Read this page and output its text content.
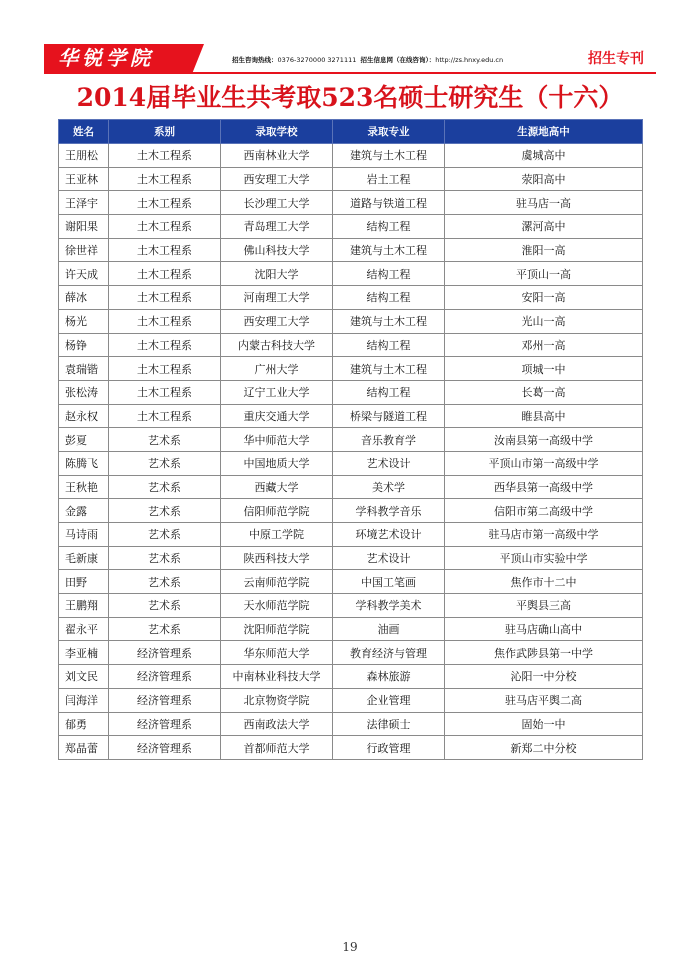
华锐学院	招生咨询热线：0376-3270000 3271111 招生信息网（在线咨询）：http://zs.hnxy.edu.cn	招生专刊
2014届毕业生共考取523名硕士研究生（十六）
姓名	系别	录取学校	录取专业	生源地高中
王朋松	土木工程系	西南林业大学	建筑与土木工程	虞城高中
王亚林	土木工程系	西安理工大学	岩土工程	荥阳高中
王泽宇	土木工程系	长沙理工大学	道路与铁道工程	驻马店一高
谢阳果	土木工程系	青岛理工大学	结构工程	漯河高中
徐世祥	土木工程系	佛山科技大学	建筑与土木工程	淮阳一高
许天成	土木工程系	沈阳大学	结构工程	平顶山一高
薛冰	土木工程系	河南理工大学	结构工程	安阳一高
杨光	土木工程系	西安理工大学	建筑与土木工程	光山一高
杨铮	土木工程系	内蒙古科技大学	结构工程	邓州一高
袁瑞锴	土木工程系	广州大学	建筑与土木工程	项城一中
张松涛	土木工程系	辽宁工业大学	结构工程	长葛一高
赵永权	土木工程系	重庆交通大学	桥梁与隧道工程	睢县高中
彭夏	艺术系	华中师范大学	音乐教育学	汝南县第一高级中学
陈腾飞	艺术系	中国地质大学	艺术设计	平顶山市第一高级中学
王秋艳	艺术系	西藏大学	美术学	西华县第一高级中学
金露	艺术系	信阳师范学院	学科教学音乐	信阳市第二高级中学
马诗雨	艺术系	中原工学院	环境艺术设计	驻马店市第一高级中学
毛新康	艺术系	陕西科技大学	艺术设计	平顶山市实验中学
田野	艺术系	云南师范学院	中国工笔画	焦作市十二中
王鹏翔	艺术系	天水师范学院	学科教学美术	平舆县三高
翟永平	艺术系	沈阳师范学院	油画	驻马店确山高中
李亚楠	经济管理系	华东师范大学	教育经济与管理	焦作武陟县第一中学
刘文民	经济管理系	中南林业科技大学	森林旅游	沁阳一中分校
闫海洋	经济管理系	北京物资学院	企业管理	驻马店平舆二高
郁勇	经济管理系	西南政法大学	法律硕士	固始一中
郑晶蕾	经济管理系	首都师范大学	行政管理	新郑二中分校
19
